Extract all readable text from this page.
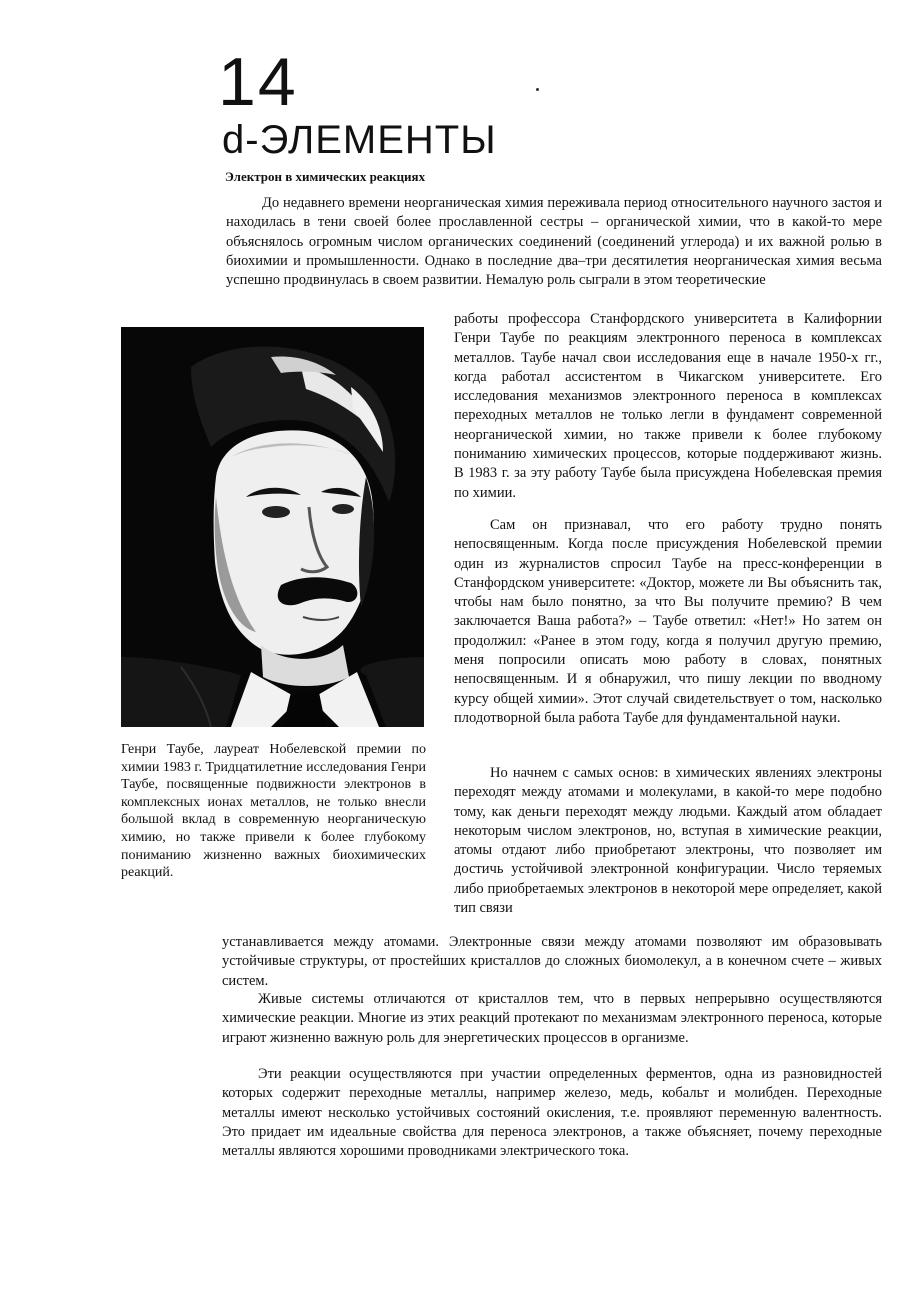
14
d-ЭЛЕМЕНТЫ
Электрон в химических реакциях

До недавнего времени неорганическая химия переживала период относительного научного застоя и находилась в тени своей более прославленной сестры – органической химии, что в какой-то мере объяснялось огромным числом органических соединений (соединений углерода) и их важной ролью в биохимии и промышленности. Однако в последние два–три десятилетия неорганическая химия весьма успешно продвинулась в своем развитии. Немалую роль сыграли в этом теоретические

работы профессора Станфордского университета в Калифорнии Генри Таубе по реакциям электронного переноса в комплексах металлов. Таубе начал свои исследования еще в начале 1950-х гг., когда работал ассистентом в Чикагском университете. Его исследования механизмов электронного переноса в комплексах переходных металлов не только легли в фундамент современной неорганической химии, но также привели к более глубокому пониманию химических процессов, которые поддерживают жизнь. В 1983 г. за эту работу Таубе была присуждена Нобелевская премия по химии.

Сам он признавал, что его работу трудно понять непосвященным. Когда после присуждения Нобелевской премии один из журналистов спросил Таубе на пресс-конференции в Станфордском университете: «Доктор, можете ли Вы объяснить так, чтобы нам было понятно, за что Вы получите премию? В чем заключается Ваша работа?» – Таубе ответил: «Нет!» Но затем он продолжил: «Ранее в этом году, когда я получил другую премию, меня попросили описать мою работу в словах, понятных непосвященным. И я обнаружил, что пишу лекции по вводному курсу общей химии». Этот случай свидетельствует о том, насколько плодотворной была работа Таубе для фундаментальной науки.

Но начнем с самых основ: в химических явлениях электроны переходят между атомами и молекулами, в какой-то мере подобно тому, как деньги переходят между людьми. Каждый атом обладает некоторым числом электронов, но, вступая в химические реакции, атомы отдают либо приобретают электроны, что позволяет им достичь устойчивой электронной конфигурации. Число теряемых либо приобретаемых электронов в некоторой мере определяет, какой тип связи

устанавливается между атомами. Электронные связи между атомами позволяют им образовывать устойчивые структуры, от простейших кристаллов до сложных биомолекул, а в конечном счете – живых систем.

Живые системы отличаются от кристаллов тем, что в первых непрерывно осуществляются химические реакции. Многие из этих реакций протекают по механизмам электронного переноса, которые играют жизненно важную роль для энергетических процессов в организме.

Эти реакции осуществляются при участии определенных ферментов, одна из разновидностей которых содержит переходные металлы, например железо, медь, кобальт и молибден. Переходные металлы имеют несколько устойчивых состояний окисления, т.е. проявляют переменную валентность. Это придает им идеальные свойства для переноса электронов, а также объясняет, почему переходные металлы являются хорошими проводниками электрического тока.

Генри Таубе, лауреат Нобелевской премии по химии 1983 г. Тридцатилетние исследования Генри Таубе, посвященные подвижности электронов в комплексных ионах металлов, не только внесли большой вклад в современную неорганическую химию, но также привели к более глубокому пониманию жизненно важных биохимических реакций.
